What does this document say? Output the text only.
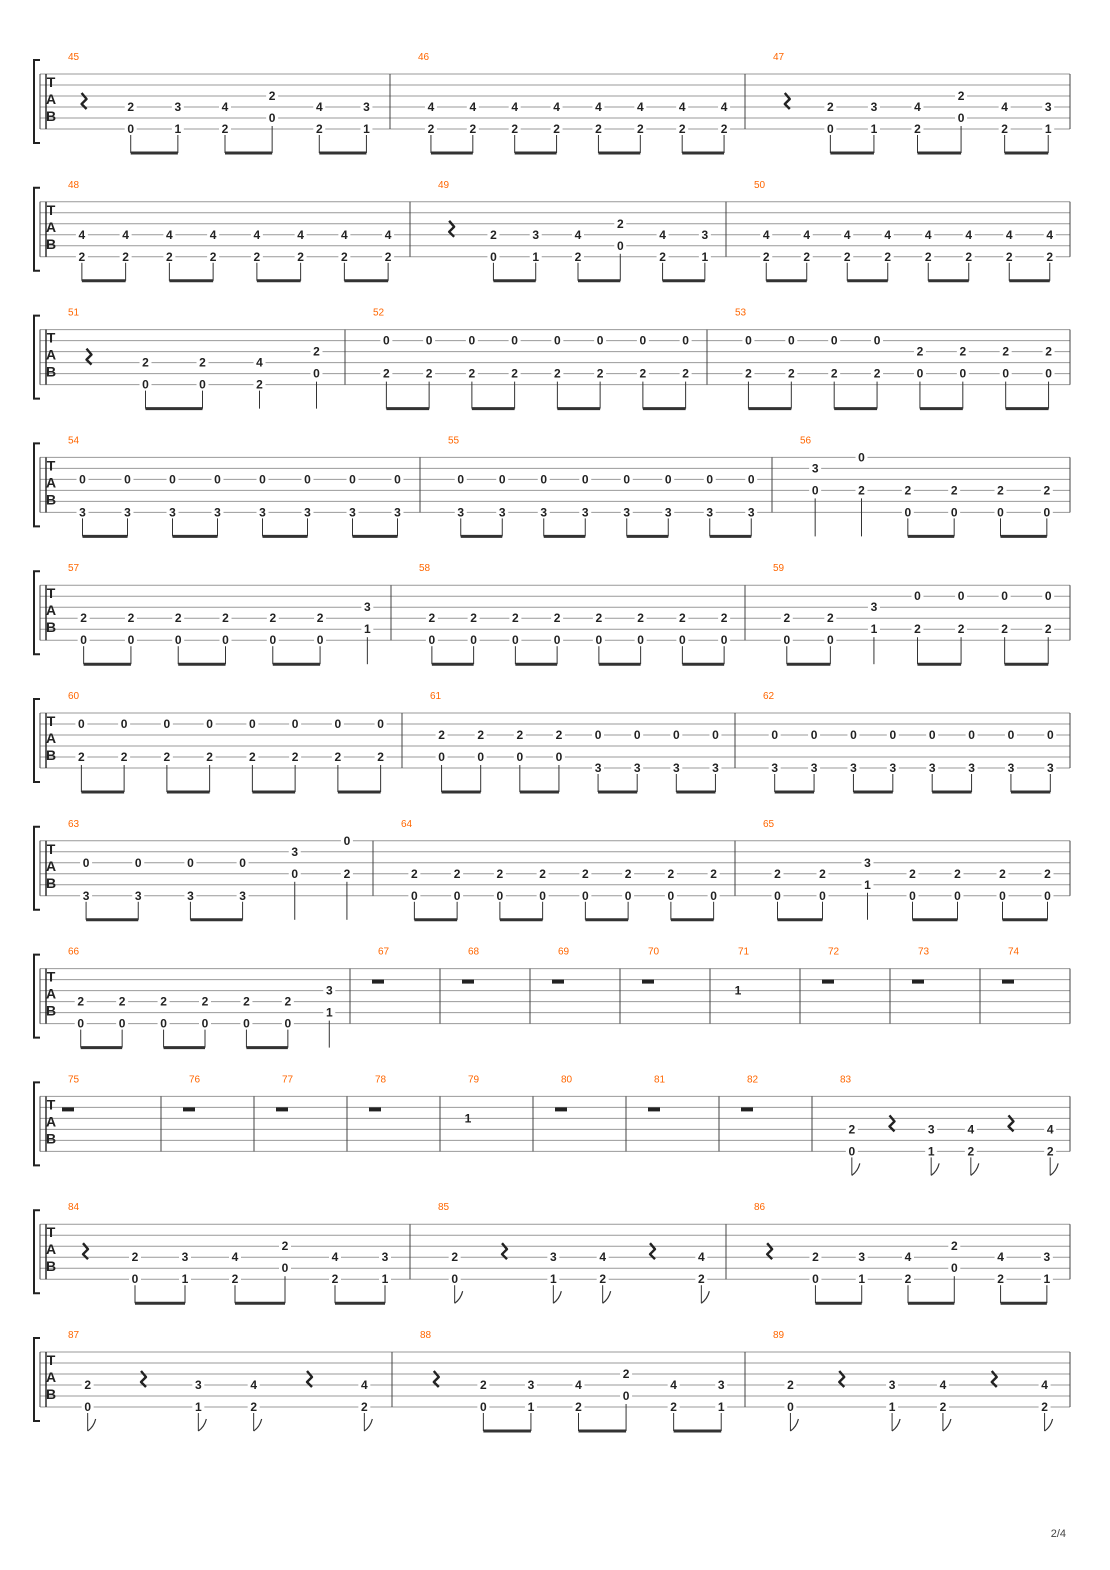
T
A
B
45
2
0
3
1
4
2
2
0
4
2
3
1
46
4
2
4
2
4
2
4
2
4
2
4
2
4
2
4
2
47
2
0
3
1
4
2
2
0
4
2
3
1
T
A
B
48
4
2
4
2
4
2
4
2
4
2
4
2
4
2
4
2
49
2
0
3
1
4
2
2
0
4
2
3
1
50
4
2
4
2
4
2
4
2
4
2
4
2
4
2
4
2
T
A
B
51
2
0
2
0
4
2
2
0
52
0
2
0
2
0
2
0
2
0
2
0
2
0
2
0
2
53
0
2
0
2
0
2
0
2
2
0
2
0
2
0
2
0
T
A
B
54
0
3
0
3
0
3
0
3
0
3
0
3
0
3
0
3
55
0
3
0
3
0
3
0
3
0
3
0
3
0
3
0
3
56
3
0
0
2	2
0
2
0
2
0
2
0
T
A
B
57
2
0
2
0
2
0
2
0
2
0
2
0
3
1
58
2
0
2
0
2
0
2
0
2
0
2
0
2
0
2
0
59
2
0
2
0
3
1
0
2
0
2
0
2
0
2
T
A
B
60
0
2
0
2
0
2
0
2
0
2
0
2
0
2
0
2
61
2
0
2
0
2
0
2
0
0
3
0
3
0
3
0
3
62
0
3
0
3
0
3
0
3
0
3
0
3
0
3
0
3
T
A
B
63
0
3
0
3
0
3
0
3
3
0
0
2
64
2
0
2
0
2
0
2
0
2
0
2
0
2
0
2
0
65
2
0
2
0
3
1
2
0
2
0
2
0
2
0
T
A
B
66
2
0
2
0
2
0
2
0
2
0
2
0
3
1
67	68	69	70	71
1
72	73	74
T
A
B
75	76	77	78	79
1
80	81	82	83
2
0
3
1
4
2
4
2
T
A
B
84
2
0
3
1
4
2
2
0
4
2
3
1
85
2
0
3
1
4
2
4
2
86
2
0
3
1
4
2
2
0
4
2
3
1
T
A
B
87
2
0
3
1
4
2
4
2
88
2
0
3
1
4
2
2
0
4
2
3
1
89
2
0
3
1
4
2
4
2
2/4
